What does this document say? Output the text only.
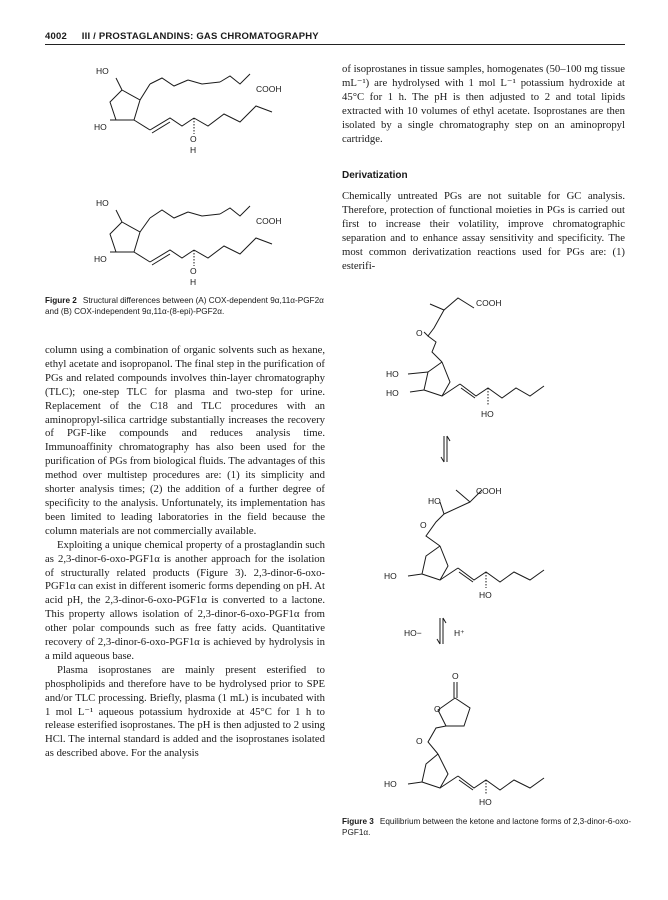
4002 III / PROSTAGLANDINS: GAS CHROMATOGRAPHY
HO
HO
COOH
O
H
HO
HO
COOH
O
H
Figure 2 Structural differences between (A) COX-dependent 9α,11α-PGF2α and (B) COX-independent 9α,11α-(8-epi)-PGF2α.

column using a combination of organic solvents such as hexane, ethyl acetate and isopropanol. The final step in the purification of PGs and related compounds involves thin-layer chromatography (TLC); one-step TLC for plasma and two-step for urine. Replacement of the C18 and TLC procedures with an aminopropyl-silica cartridge substantially increases the recovery of PGF-like compounds and reduces analysis time. Immunoaffinity chromatography has also been used for the purification of PGs from biological fluids. The advantages of this method over multistep procedures are: (1) its simplicity and shorter analysis times; (2) the addition of a further degree of specificity to the analysis. Unfortunately, its implementation has been limited to leading laboratories in the field because the column materials are not commercially available.

Exploiting a unique chemical property of a prostaglandin such as 2,3-dinor-6-oxo-PGF1α is another approach for the isolation of structurally related products (Figure 3). 2,3-dinor-6-oxo-PGF1α can exist in different isomeric forms depending on pH. At acid pH, the 2,3-dinor-6-oxo-PGF1α is converted to a lactone. This property allows isolation of 2,3-dinor-6-oxo-PGF1α from other polar compounds such as free fatty acids. Quantitative recovery of 2,3-dinor-6-oxo-PGF1α is achieved by hydrolysis in a mild aqueous base.

Plasma isoprostanes are mainly present esterified to phospholipids and therefore have to be hydrolysed prior to SPE and/or TLC processing. Briefly, plasma (1 mL) is incubated with 1 mol L⁻¹ aqueous potassium hydroxide at 45°C for 1 h to release esterified isoprostanes. The pH is then adjusted to 2 using HCl. The internal standard is added and the isoprostanes isolated as described above. For the analysis

of isoprostanes in tissue samples, homogenates (50–100 mg tissue mL⁻¹) are hydrolysed with 1 mol L⁻¹ potassium hydroxide at 45°C for 1 h. The pH is then adjusted to 2 and total lipids extracted with 10 volumes of ethyl acetate. Isoprostanes are then isolated by a single chromatography step on an aminopropyl cartridge.

Derivatization

Chemically untreated PGs are not suitable for GC analysis. Therefore, protection of functional moieties in PGs is carried out first to increase their volatility, improve chromatographic separation and to enhance assay sensitivity and specificity. The most common derivatization reactions used for PGs are: (1) esterifi-

COOH
O
HO
HO
HO
COOH
HO
O
HO
HO
HO−	H⁺
O
O
O
HO
HO
Figure 3 Equilibrium between the ketone and lactone forms of 2,3-dinor-6-oxo-PGF1α.
